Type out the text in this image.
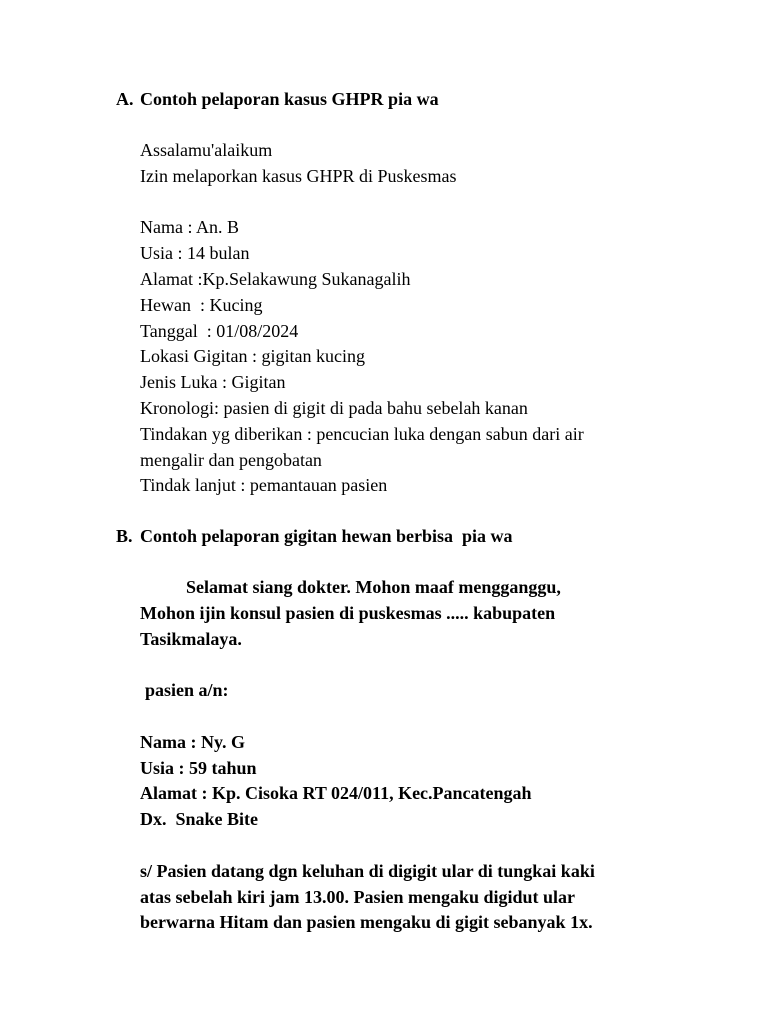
A. Contoh pelaporan kasus GHPR pia wa
Assalamu'alaikum
Izin melaporkan kasus GHPR di Puskesmas
Nama : An. B
Usia : 14 bulan
Alamat :Kp.Selakawung Sukanagalih
Hewan  : Kucing
Tanggal  : 01/08/2024
Lokasi Gigitan : gigitan kucing
Jenis Luka : Gigitan
Kronologi: pasien di gigit di pada bahu sebelah kanan
Tindakan yg diberikan : pencucian luka dengan sabun dari air
mengalir dan pengobatan
Tindak lanjut : pemantauan pasien
B. Contoh pelaporan gigitan hewan berbisa  pia wa
Selamat siang dokter. Mohon maaf mengganggu,
Mohon ijin konsul pasien di puskesmas ..... kabupaten
Tasikmalaya.
pasien a/n:
Nama : Ny. G
Usia : 59 tahun
Alamat : Kp. Cisoka RT 024/011, Kec.Pancatengah
Dx.  Snake Bite
s/ Pasien datang dgn keluhan di digigit ular di tungkai kaki
atas sebelah kiri jam 13.00. Pasien mengaku digidut ular
berwarna Hitam dan pasien mengaku di gigit sebanyak 1x.
